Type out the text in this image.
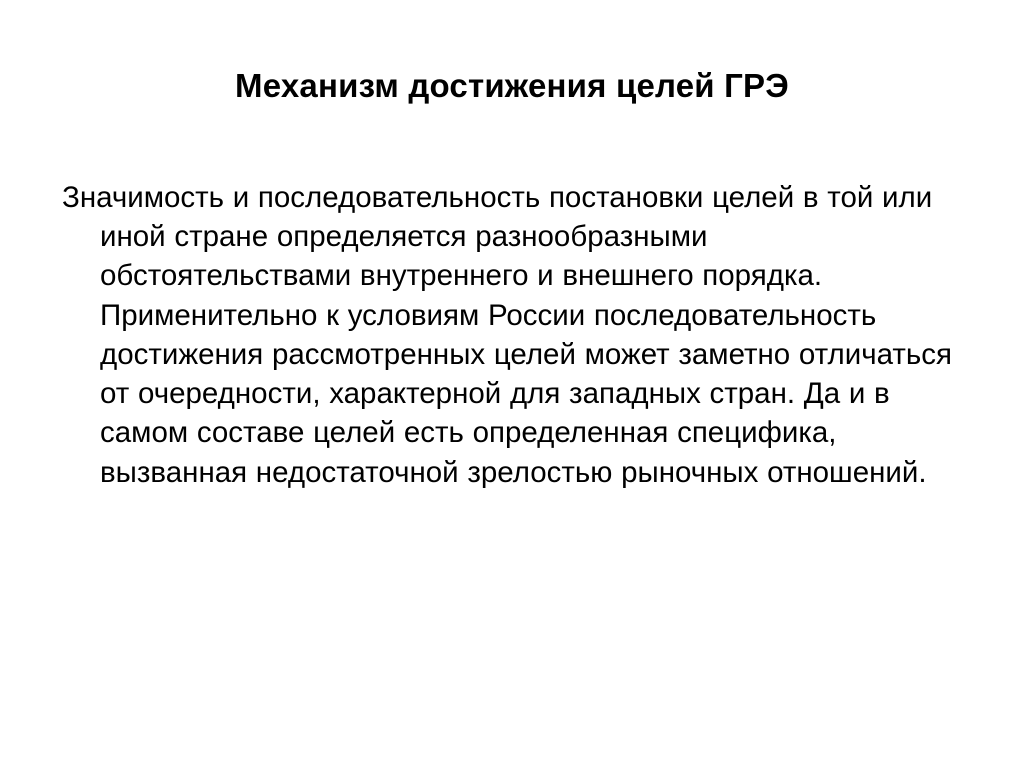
Механизм достижения целей ГРЭ

Значимость и последовательность постановки целей в той или иной стране определяется разнообразными обстоятельствами внутреннего и внешнего порядка. Применительно к условиям России последовательность достижения рассмотренных целей может заметно отличаться от очередности, характерной для западных стран. Да и в самом составе целей есть определенная специфика, вызванная недостаточной зрелостью рыночных отношений.
